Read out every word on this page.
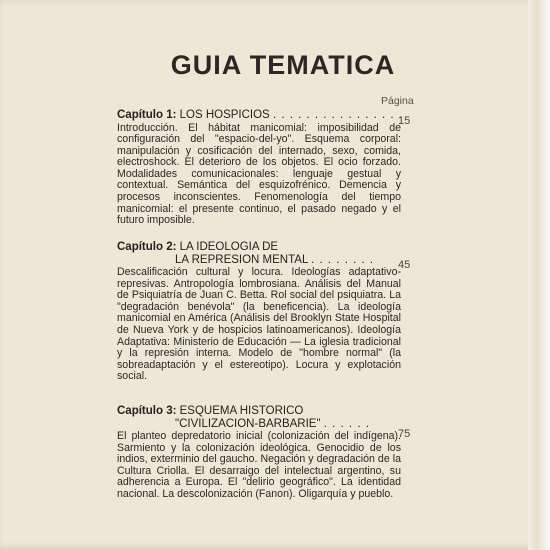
GUIA TEMATICA
Página
Capítulo 1: LOS HOSPICIOS . . . . . . . . . . . . . . . .
Introducción. El hábitat manicomial: imposibilidad de configuración del "espacio-del-yo". Esquema corporal: manipulación y cosificación del internado, sexo, comida, electroshock. El deterioro de los objetos. El ocio forzado. Modalidades comunicacionales: lenguaje gestual y contextual. Semántica del esquizofrénico. Demencia y procesos inconscientes. Fenomenología del tiempo manicomial: el presente continuo, el pasado negado y el futuro imposible.
15
Capítulo 2: LA IDEOLOGIA DE
LA REPRESION MENTAL . . . . . . . .
Descalificación cultural y locura. Ideologías adaptativo-represivas. Antropología lombrosiana. Análisis del Manual de Psiquiatría de Juan C. Betta. Rol social del psiquiatra. La "degradación benévola" (la beneficencia). La ideología manicomial en América (Análisis del Brooklyn State Hospital de Nueva York y de hospicios latinoamericanos). Ideología Adaptativa: Ministerio de Educación — La iglesia tradicional y la represión interna. Modelo de "hombre normal" (la sobreadaptación y el estereotipo). Locura y explotación social.
45
Capítulo 3: ESQUEMA HISTORICO
"CIVILIZACION-BARBARIE" . . . . . .
El planteo depredatorio inicial (colonización del indígena). Sarmiento y la colonización ideológica. Genocidio de los indios, exterminio del gaucho. Negación y degradación de la Cultura Criolla. El desarraigo del intelectual argentino, su adherencia a Europa. El "delirio geográfico". La identidad nacional. La descolonización (Fanon). Oligarquía y pueblo.
75
